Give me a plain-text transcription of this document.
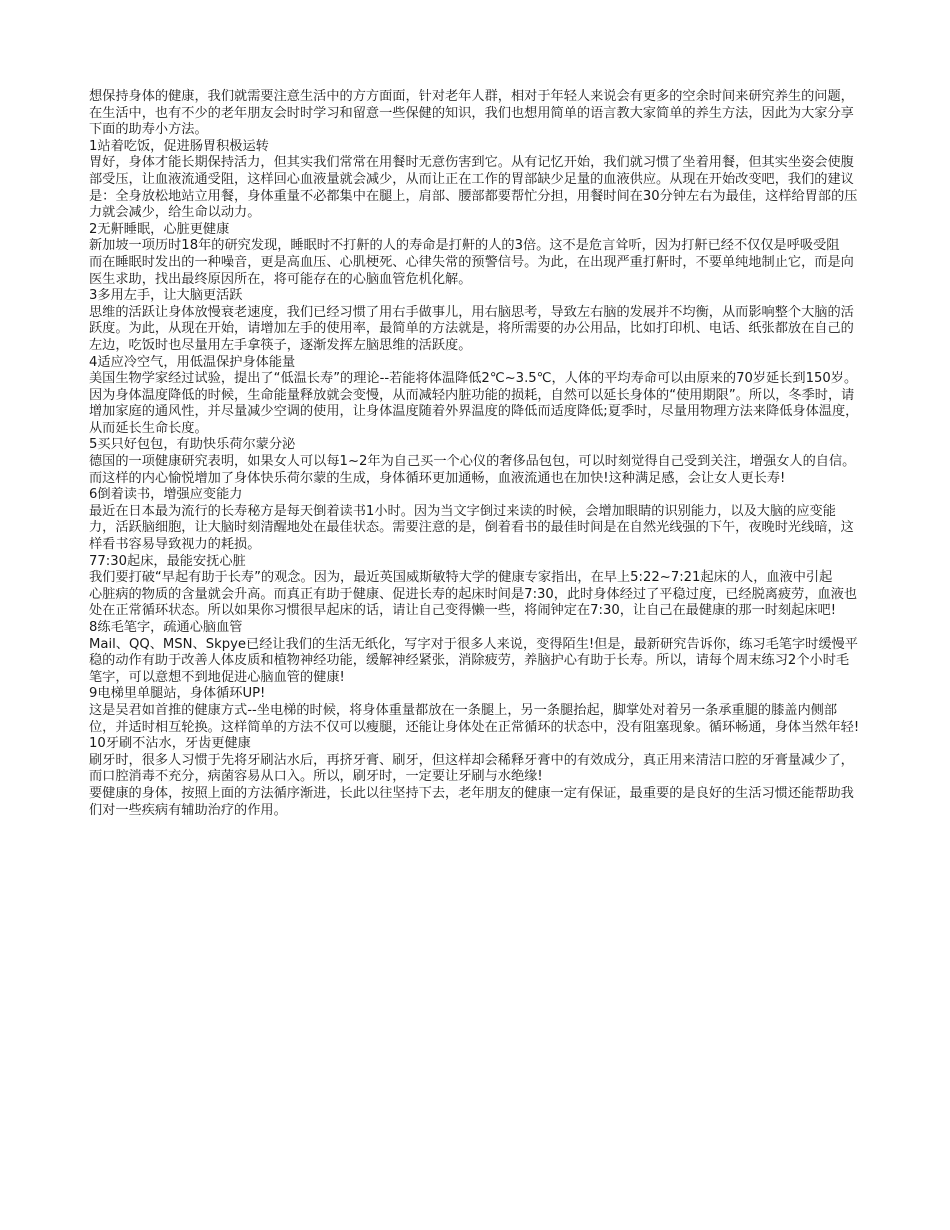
想保持身体的健康，我们就需要注意生活中的方方面面，针对老年人群，相对于年轻人来说会有更多的空余时间来研究养生的问题，在生活中，也有不少的老年朋友会时时学习和留意一些保健的知识，我们也想用简单的语言教大家简单的养生方法，因此为大家分享下面的助寿小方法。

1站着吃饭，促进肠胃积极运转

胃好，身体才能长期保持活力，但其实我们常常在用餐时无意伤害到它。从有记忆开始，我们就习惯了坐着用餐，但其实坐姿会使腹部受压，让血液流通受阻，这样回心血液量就会减少，从而让正在工作的胃部缺少足量的血液供应。从现在开始改变吧，我们的建议是：全身放松地站立用餐，身体重量不必都集中在腿上，肩部、腰部都要帮忙分担，用餐时间在30分钟左右为最佳，这样给胃部的压力就会减少，给生命以动力。

2无鼾睡眠，心脏更健康

新加坡一项历时18年的研究发现，睡眠时不打鼾的人的寿命是打鼾的人的3倍。这不是危言耸听，因为打鼾已经不仅仅是呼吸受阻

而在睡眠时发出的一种噪音，更是高血压、心肌梗死、心律失常的预警信号。为此，在出现严重打鼾时，不要单纯地制止它，而是向医生求助，找出最终原因所在，将可能存在的心脑血管危机化解。

3多用左手，让大脑更活跃

思维的活跃让身体放慢衰老速度，我们已经习惯了用右手做事儿，用右脑思考，导致左右脑的发展并不均衡，从而影响整个大脑的活跃度。为此，从现在开始，请增加左手的使用率，最简单的方法就是，将所需要的办公用品，比如打印机、电话、纸张都放在自己的左边，吃饭时也尽量用左手拿筷子，逐渐发挥左脑思维的活跃度。

4适应冷空气，用低温保护身体能量

美国生物学家经过试验，提出了“低温长寿”的理论--若能将体温降低2℃~3.5℃，人体的平均寿命可以由原来的70岁延长到150岁。因为身体温度降低的时候，生命能量释放就会变慢，从而减轻内脏功能的损耗，自然可以延长身体的“使用期限”。所以，冬季时，请增加家庭的通风性，并尽量减少空调的使用，让身体温度随着外界温度的降低而适度降低;夏季时，尽量用物理方法来降低身体温度，从而延长生命长度。

5买只好包包，有助快乐荷尔蒙分泌

德国的一项健康研究表明，如果女人可以每1~2年为自己买一个心仪的奢侈品包包，可以时刻觉得自己受到关注，增强女人的自信。而这样的内心愉悦增加了身体快乐荷尔蒙的生成，身体循环更加通畅，血液流通也在加快!这种满足感，会让女人更长寿!

6倒着读书，增强应变能力

最近在日本最为流行的长寿秘方是每天倒着读书1小时。因为当文字倒过来读的时候，会增加眼睛的识别能力，以及大脑的应变能力，活跃脑细胞，让大脑时刻清醒地处在最佳状态。需要注意的是，倒着看书的最佳时间是在自然光线强的下午，夜晚时光线暗，这样看书容易导致视力的耗损。

77:30起床，最能安抚心脏

我们要打破“早起有助于长寿”的观念。因为，最近英国威斯敏特大学的健康专家指出，在早上5:22~7:21起床的人，血液中引起

心脏病的物质的含量就会升高。而真正有助于健康、促进长寿的起床时间是7:30，此时身体经过了平稳过度，已经脱离疲劳，血液也处在正常循环状态。所以如果你习惯很早起床的话，请让自己变得懒一些，将闹钟定在7:30，让自己在最健康的那一时刻起床吧!

8练毛笔字，疏通心脑血管

Mail、QQ、MSN、Skpye已经让我们的生活无纸化，写字对于很多人来说，变得陌生!但是，最新研究告诉你，练习毛笔字时缓慢平稳的动作有助于改善人体皮质和植物神经功能，缓解神经紧张，消除疲劳，养脑护心有助于长寿。所以，请每个周末练习2个小时毛笔字，可以意想不到地促进心脑血管的健康!

9电梯里单腿站，身体循环UP!

这是吴君如首推的健康方式--坐电梯的时候，将身体重量都放在一条腿上，另一条腿抬起，脚掌处对着另一条承重腿的膝盖内侧部位，并适时相互轮换。这样简单的方法不仅可以瘦腿，还能让身体处在正常循环的状态中，没有阻塞现象。循环畅通，身体当然年轻!

10牙刷不沾水，牙齿更健康

刷牙时，很多人习惯于先将牙刷沾水后，再挤牙膏、刷牙，但这样却会稀释牙膏中的有效成分，真正用来清洁口腔的牙膏量减少了，而口腔消毒不充分，病菌容易从口入。所以，刷牙时，一定要让牙刷与水绝缘!

要健康的身体，按照上面的方法循序渐进，长此以往坚持下去，老年朋友的健康一定有保证，最重要的是良好的生活习惯还能帮助我们对一些疾病有辅助治疗的作用。
